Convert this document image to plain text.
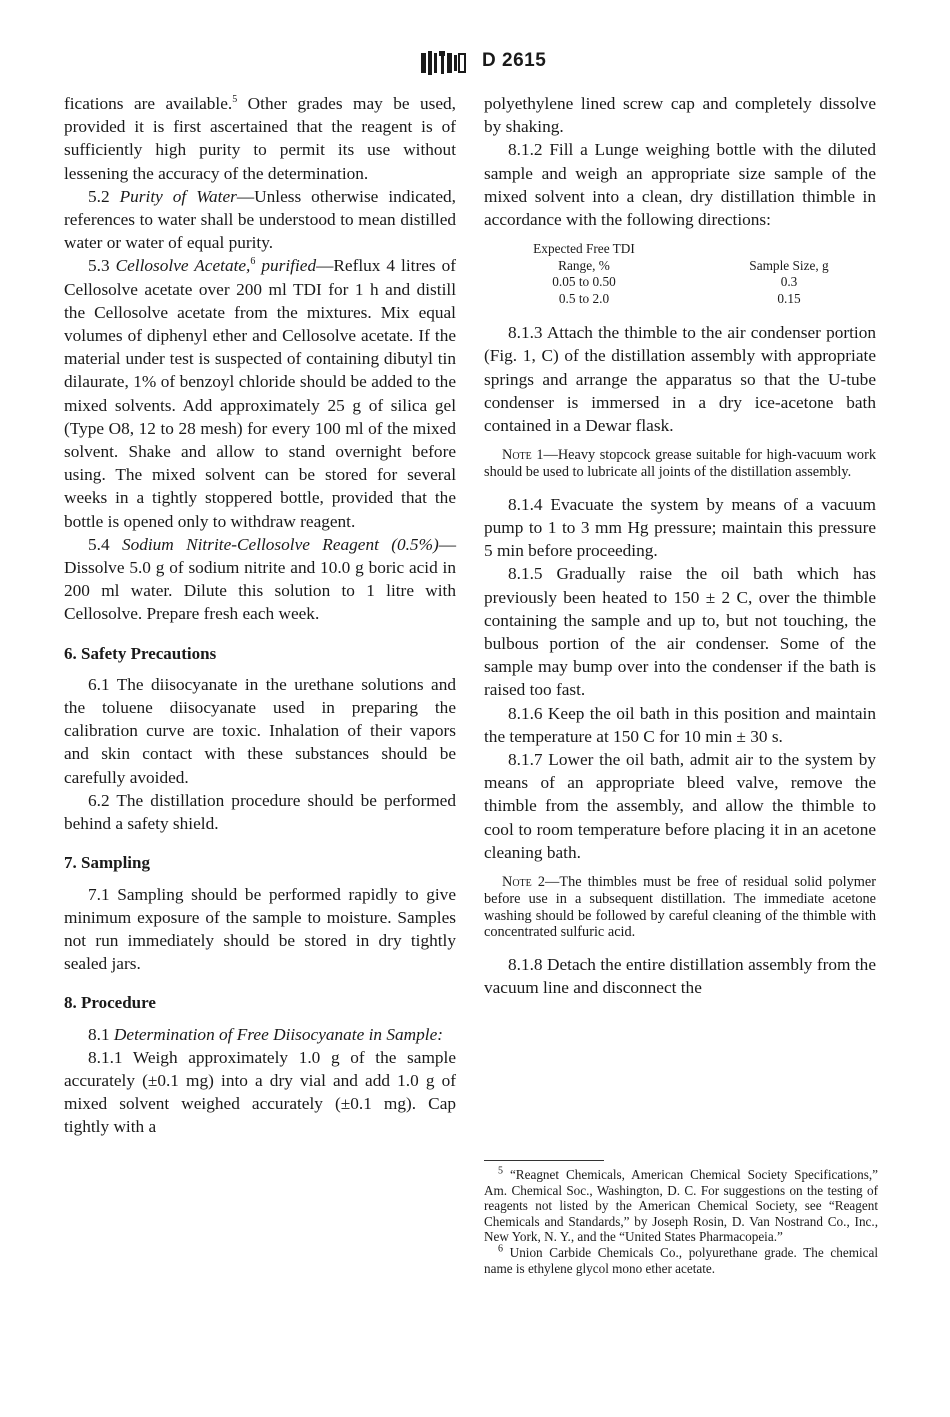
D 2615

fications are available.$^5$ Other grades may be used, provided it is first ascertained that the reagent is of sufficiently high purity to permit its use without lessening the accuracy of the determination.

5.2 Purity of Water—Unless otherwise indicated, references to water shall be understood to mean distilled water or water of equal purity.

5.3 Cellosolve Acetate,$^6$ purified—Reflux 4 litres of Cellosolve acetate over 200 ml TDI for 1 h and distill the Cellosolve acetate from the mixtures. Mix equal volumes of diphenyl ether and Cellosolve acetate. If the material under test is suspected of containing dibutyl tin dilaurate, 1% of benzoyl chloride should be added to the mixed solvents. Add approximately 25 g of silica gel (Type O8, 12 to 28 mesh) for every 100 ml of the mixed solvent. Shake and allow to stand overnight before using. The mixed solvent can be stored for several weeks in a tightly stoppered bottle, provided that the bottle is opened only to withdraw reagent.

5.4 Sodium Nitrite-Cellosolve Reagent (0.5%)—Dissolve 5.0 g of sodium nitrite and 10.0 g boric acid in 200 ml water. Dilute this solution to 1 litre with Cellosolve. Prepare fresh each week.

6. Safety Precautions

6.1 The diisocyanate in the urethane solutions and the toluene diisocyanate used in preparing the calibration curve are toxic. Inhalation of their vapors and skin contact with these substances should be carefully avoided.

6.2 The distillation procedure should be performed behind a safety shield.

7. Sampling

7.1 Sampling should be performed rapidly to give minimum exposure of the sample to moisture. Samples not run immediately should be stored in dry tightly sealed jars.

8. Procedure

8.1 Determination of Free Diisocyanate in Sample:

8.1.1 Weigh approximately 1.0 g of the sample accurately (±0.1 mg) into a dry vial and add 1.0 g of mixed solvent weighed accurately (±0.1 mg). Cap tightly with a

polyethylene lined screw cap and completely dissolve by shaking.

8.1.2 Fill a Lunge weighing bottle with the diluted sample and weigh an appropriate size sample of the mixed solvent into a clean, dry distillation thimble in accordance with the following directions:

Expected Free TDI
Range, %	Sample Size, g
0.05 to 0.50	0.3
0.5 to 2.0	0.15

8.1.3 Attach the thimble to the air condenser portion (Fig. 1, C) of the distillation assembly with appropriate springs and arrange the apparatus so that the U-tube condenser is immersed in a dry ice-acetone bath contained in a Dewar flask.

Note 1—Heavy stopcock grease suitable for high-vacuum work should be used to lubricate all joints of the distillation assembly.

8.1.4 Evacuate the system by means of a vacuum pump to 1 to 3 mm Hg pressure; maintain this pressure 5 min before proceeding.

8.1.5 Gradually raise the oil bath which has previously been heated to 150 ± 2 C, over the thimble containing the sample and up to, but not touching, the bulbous portion of the air condenser. Some of the sample may bump over into the condenser if the bath is raised too fast.

8.1.6 Keep the oil bath in this position and maintain the temperature at 150 C for 10 min ± 30 s.

8.1.7 Lower the oil bath, admit air to the system by means of an appropriate bleed valve, remove the thimble from the assembly, and allow the thimble to cool to room temperature before placing it in an acetone cleaning bath.

Note 2—The thimbles must be free of residual solid polymer before use in a subsequent distillation. The immediate acetone washing should be followed by careful cleaning of the thimble with concentrated sulfuric acid.

8.1.8 Detach the entire distillation assembly from the vacuum line and disconnect the

$^5$ “Reagnet Chemicals, American Chemical Society Specifications,” Am. Chemical Soc., Washington, D. C. For suggestions on the testing of reagents not listed by the American Chemical Society, see “Reagent Chemicals and Standards,” by Joseph Rosin, D. Van Nostrand Co., Inc., New York, N. Y., and the “United States Pharmacopeia.”

$^6$ Union Carbide Chemicals Co., polyurethane grade. The chemical name is ethylene glycol mono ether acetate.
